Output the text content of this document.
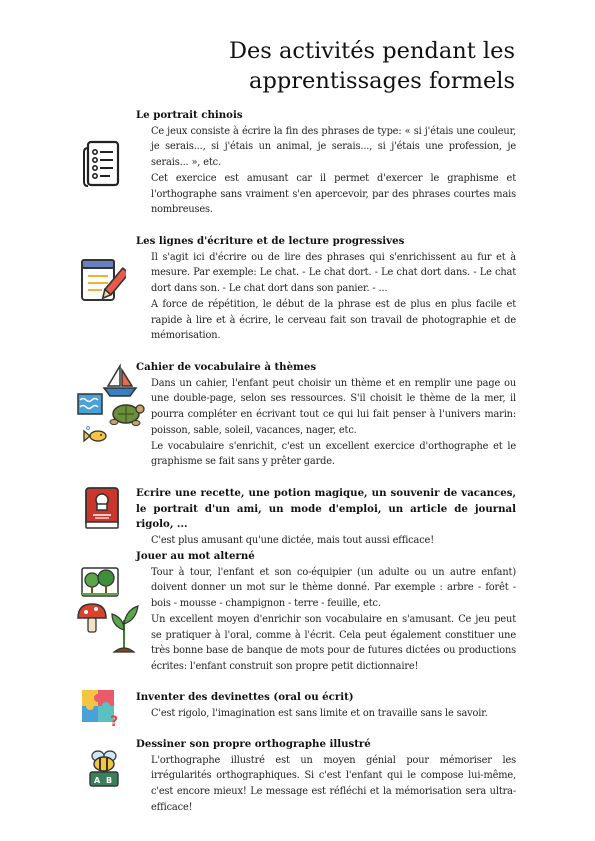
Des activités pendant les apprentissages formels
Le portrait chinois
Ce jeux consiste à écrire la fin des phrases de type: « si j'étais une couleur, je serais..., si j'étais un animal, je serais..., si j'étais une profession, je serais... », etc.
Cet exercice est amusant car il permet d'exercer le graphisme et l'orthographe sans vraiment s'en apercevoir, par des phrases courtes mais nombreuses.
Les lignes d'écriture et de lecture progressives
Il s'agit ici d'écrire ou de lire des phrases qui s'enrichissent au fur et à mesure. Par exemple: Le chat. - Le chat dort. - Le chat dort dans. - Le chat dort dans son. - Le chat dort dans son panier. - ...
A force de répétition, le début de la phrase est de plus en plus facile et rapide à lire et à écrire, le cerveau fait son travail de photographie et de mémorisation.
Cahier de vocabulaire à thèmes
Dans un cahier, l'enfant peut choisir un thème et en remplir une page ou une double-page, selon ses ressources. S'il choisit le thème de la mer, il pourra compléter en écrivant tout ce qui lui fait penser à l'univers marin: poisson, sable, soleil, vacances, nager, etc.
Le vocabulaire s'enrichit, c'est un excellent exercice d'orthographe et le graphisme se fait sans y prêter garde.
Ecrire une recette, une potion magique, un souvenir de vacances, le portrait d'un ami, un mode d'emploi, un article de journal rigolo, ...
C'est plus amusant qu'une dictée, mais tout aussi efficace!
Jouer au mot alterné
Tour à tour, l'enfant et son co-équipier (un adulte ou un autre enfant) doivent donner un mot sur le thème donné. Par exemple : arbre - forêt - bois - mousse - champignon - terre - feuille, etc.
Un excellent moyen d'enrichir son vocabulaire en s'amusant. Ce jeu peut se pratiquer à l'oral, comme à l'écrit. Cela peut également constituer une très bonne base de banque de mots pour de futures dictées ou productions écrites: l'enfant construit son propre petit dictionnaire!
?
Inventer des devinettes (oral ou écrit)
C'est rigolo, l'imagination est sans limite et on travaille sans le savoir.
A B
Dessiner son propre orthographe illustré
L'orthographe illustré est un moyen génial pour mémoriser les irrégularités orthographiques. Si c'est l'enfant qui le compose lui-même, c'est encore mieux! Le message est réfléchi et la mémorisation sera ultra-efficace!
